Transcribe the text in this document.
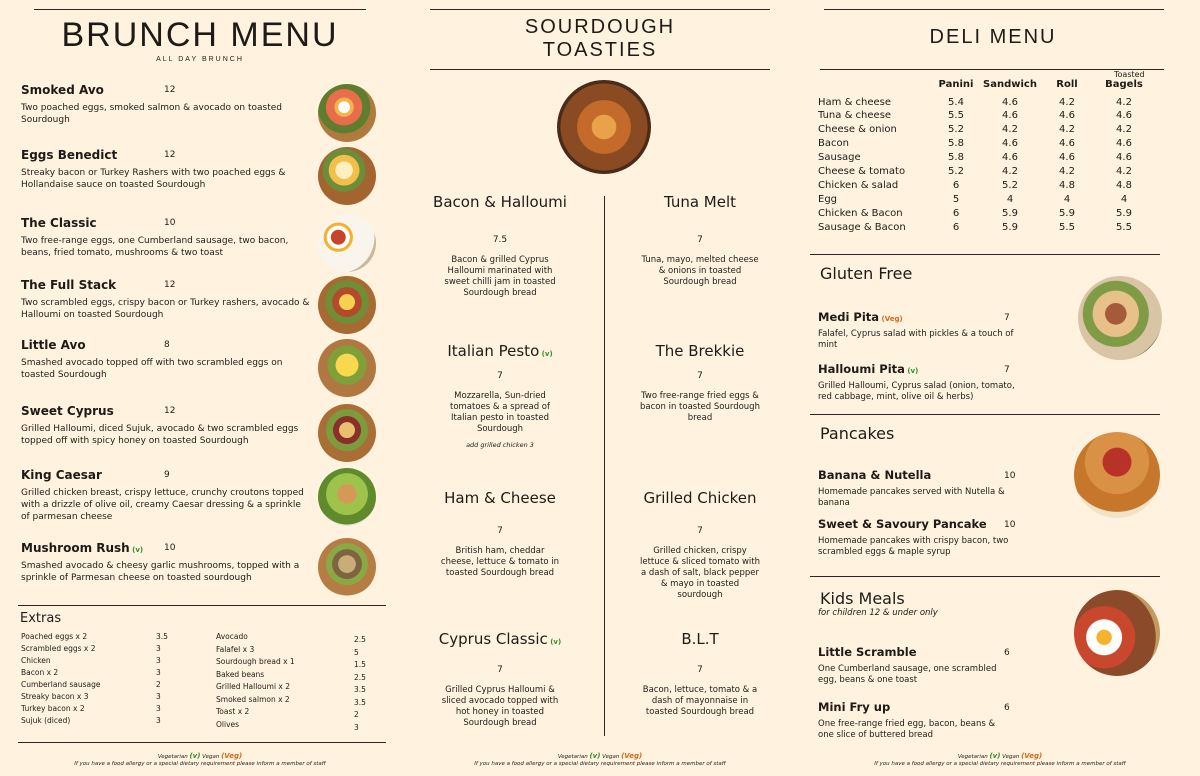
BRUNCH MENU
ALL DAY BRUNCH
Smoked Avo	12
Two poached eggs, smoked salmon & avocado on toasted Sourdough
Eggs Benedict	12
Streaky bacon or Turkey Rashers with two poached eggs & Hollandaise sauce on toasted Sourdough
The Classic	10
Two free-range eggs, one Cumberland sausage, two bacon, beans, fried tomato, mushrooms & two toast
The Full Stack	12
Two scrambled eggs, crispy bacon or Turkey rashers, avocado & Halloumi on toasted Sourdough
Little Avo	8
Smashed avocado topped off with two scrambled eggs on toasted Sourdough
Sweet Cyprus	12
Grilled Halloumi, diced Sujuk, avocado & two scrambled eggs topped off with spicy honey on toasted Sourdough
King Caesar	9
Grilled chicken breast, crispy lettuce, crunchy croutons topped with a drizzle of olive oil, creamy Caesar dressing & a sprinkle of parmesan cheese
Mushroom Rush (v) 10
Smashed avocado & cheesy garlic mushrooms, topped with a sprinkle of Parmesan cheese on toasted sourdough
Extras
Poached eggs x 2	3.5
Scrambled eggs x 2	3
Chicken	3
Bacon x 2	3
Cumberland sausage	2
Streaky bacon x 3	3
Turkey bacon x 2	3
Sujuk (diced)	3
Avocado	2.5
Falafel x 3	5
Sourdough bread x 1	1.5
Baked beans	2.5
Grilled Halloumi x 2	3.5
Smoked salmon x 2	3.5
Toast x 2	2
Olives	3
Vegetarian (v) Vegan (Veg)
If you have a food allergy or a special dietary requirement please inform a member of staff
SOURDOUGH
TOASTIES
Bacon & Halloumi
7.5
Bacon & grilled Cyprus Halloumi marinated with sweet chilli jam in toasted Sourdough bread
Tuna Melt
7
Tuna, mayo, melted cheese & onions in toasted Sourdough bread
Italian Pesto (v)
7
Mozzarella, Sun-dried tomatoes & a spread of Italian pesto in toasted Sourdough
add grilled chicken 3
The Brekkie
7
Two free-range fried eggs & bacon in toasted Sourdough bread
Ham & Cheese
7
British ham, cheddar cheese, lettuce & tomato in toasted Sourdough bread
Grilled Chicken
7
Grilled chicken, crispy lettuce & sliced tomato with a dash of salt, black pepper & mayo in toasted sourdough
Cyprus Classic (v)
7
Grilled Cyprus Halloumi & sliced avocado topped with hot honey in toasted Sourdough bread
B.L.T
7
Bacon, lettuce, tomato & a dash of mayonnaise in toasted Sourdough bread
Vegetarian (v) Vegan (Veg)
If you have a food allergy or a special dietary requirement please inform a member of staff
DELI MENU
Toasted
	Panini	Sandwich	Roll	Bagels
Ham & cheese	5.4	4.6	4.2	4.2
Tuna & cheese	5.5	4.6	4.6	4.6
Cheese & onion	5.2	4.2	4.2	4.2
Bacon	5.8	4.6	4.6	4.6
Sausage	5.8	4.6	4.6	4.6
Cheese & tomato	5.2	4.2	4.2	4.2
Chicken & salad	6	5.2	4.8	4.8
Egg	5	4	4	4
Chicken & Bacon	6	5.9	5.9	5.9
Sausage & Bacon	6	5.9	5.5	5.5
Gluten Free
Medi Pita (Veg)	7
Falafel, Cyprus salad with pickles & a touch of mint
Halloumi Pita (v)	7
Grilled Halloumi, Cyprus salad (onion, tomato, red cabbage, mint, olive oil & herbs)
Pancakes
Banana & Nutella	10
Homemade pancakes served with Nutella & banana
Sweet & Savoury Pancake 10
Homemade pancakes with crispy bacon, two scrambled eggs & maple syrup
Kids Meals
for children 12 & under only
Little Scramble	6
One Cumberland sausage, one scrambled egg, beans & one toast
Mini Fry up	6
One free-range fried egg, bacon, beans & one slice of buttered bread
Vegetarian (v) Vegan (Veg)
If you have a food allergy or a special dietary requirement please inform a member of staff
